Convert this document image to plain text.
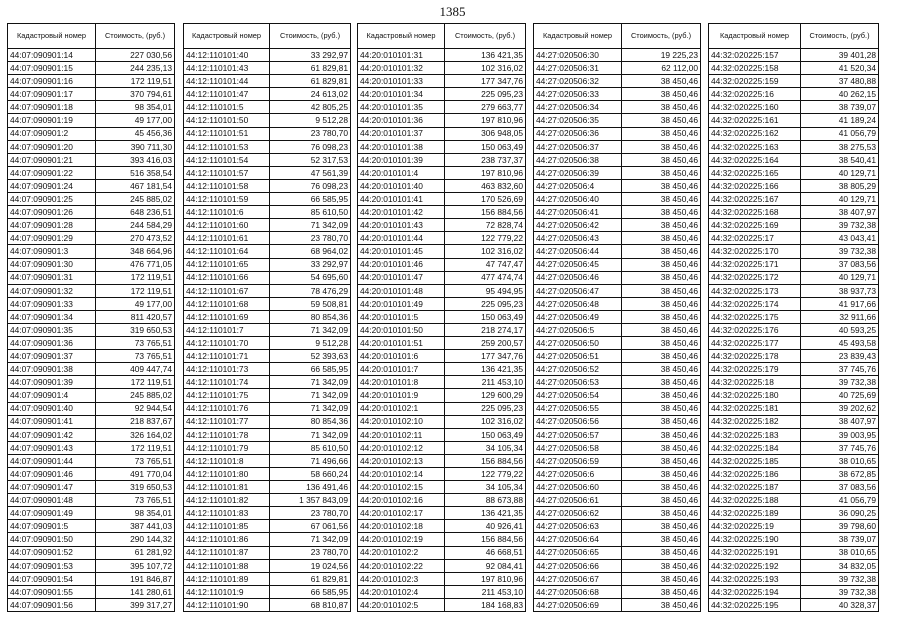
1385
Кадастровый номер	Стоимость, (руб.)
44:07:090901:14	227 030,56
44:07:090901:15	244 235,13
44:07:090901:16	172 119,51
44:07:090901:17	370 794,61
44:07:090901:18	98 354,01
44:07:090901:19	49 177,00
44:07:090901:2	45 456,36
44:07:090901:20	390 711,30
44:07:090901:21	393 416,03
44:07:090901:22	516 358,54
44:07:090901:24	467 181,54
44:07:090901:25	245 885,02
44:07:090901:26	648 236,51
44:07:090901:28	244 584,29
44:07:090901:29	270 473,52
44:07:090901:3	348 664,96
44:07:090901:30	476 771,05
44:07:090901:31	172 119,51
44:07:090901:32	172 119,51
44:07:090901:33	49 177,00
44:07:090901:34	811 420,57
44:07:090901:35	319 650,53
44:07:090901:36	73 765,51
44:07:090901:37	73 765,51
44:07:090901:38	409 447,74
44:07:090901:39	172 119,51
44:07:090901:4	245 885,02
44:07:090901:40	92 944,54
44:07:090901:41	218 837,67
44:07:090901:42	326 164,02
44:07:090901:43	172 119,51
44:07:090901:44	73 765,51
44:07:090901:46	491 770,04
44:07:090901:47	319 650,53
44:07:090901:48	73 765,51
44:07:090901:49	98 354,01
44:07:090901:5	387 441,03
44:07:090901:50	290 144,32
44:07:090901:52	61 281,92
44:07:090901:53	395 107,72
44:07:090901:54	191 846,87
44:07:090901:55	141 280,61
44:07:090901:56	399 317,27
Кадастровый номер	Стоимость, (руб.)
44:12:110101:40	33 292,97
44:12:110101:43	61 829,81
44:12:110101:44	61 829,81
44:12:110101:47	24 613,02
44:12:110101:5	42 805,25
44:12:110101:50	9 512,28
44:12:110101:51	23 780,70
44:12:110101:53	76 098,23
44:12:110101:54	52 317,53
44:12:110101:57	47 561,39
44:12:110101:58	76 098,23
44:12:110101:59	66 585,95
44:12:110101:6	85 610,50
44:12:110101:60	71 342,09
44:12:110101:61	23 780,70
44:12:110101:64	68 964,02
44:12:110101:65	33 292,97
44:12:110101:66	54 695,60
44:12:110101:67	78 476,29
44:12:110101:68	59 508,81
44:12:110101:69	80 854,36
44:12:110101:7	71 342,09
44:12:110101:70	9 512,28
44:12:110101:71	52 393,63
44:12:110101:73	66 585,95
44:12:110101:74	71 342,09
44:12:110101:75	71 342,09
44:12:110101:76	71 342,09
44:12:110101:77	80 854,36
44:12:110101:78	71 342,09
44:12:110101:79	85 610,50
44:12:110101:8	71 496,66
44:12:110101:80	58 660,24
44:12:110101:81	136 491,46
44:12:110101:82	1 357 843,09
44:12:110101:83	23 780,70
44:12:110101:85	67 061,56
44:12:110101:86	71 342,09
44:12:110101:87	23 780,70
44:12:110101:88	19 024,56
44:12:110101:89	61 829,81
44:12:110101:9	66 585,95
44:12:110101:90	68 810,87
Кадастровый номер	Стоимость, (руб.)
44:20:010101:31	136 421,35
44:20:010101:32	102 316,02
44:20:010101:33	177 347,76
44:20:010101:34	225 095,23
44:20:010101:35	279 663,77
44:20:010101:36	197 810,96
44:20:010101:37	306 948,05
44:20:010101:38	150 063,49
44:20:010101:39	238 737,37
44:20:010101:4	197 810,96
44:20:010101:40	463 832,60
44:20:010101:41	170 526,69
44:20:010101:42	156 884,56
44:20:010101:43	72 828,74
44:20:010101:44	122 779,22
44:20:010101:45	102 316,02
44:20:010101:46	47 747,47
44:20:010101:47	477 474,74
44:20:010101:48	95 494,95
44:20:010101:49	225 095,23
44:20:010101:5	150 063,49
44:20:010101:50	218 274,17
44:20:010101:51	259 200,57
44:20:010101:6	177 347,76
44:20:010101:7	136 421,35
44:20:010101:8	211 453,10
44:20:010101:9	129 600,29
44:20:010102:1	225 095,23
44:20:010102:10	102 316,02
44:20:010102:11	150 063,49
44:20:010102:12	34 105,34
44:20:010102:13	156 884,56
44:20:010102:14	122 779,22
44:20:010102:15	34 105,34
44:20:010102:16	88 673,88
44:20:010102:17	136 421,35
44:20:010102:18	40 926,41
44:20:010102:19	156 884,56
44:20:010102:2	46 668,51
44:20:010102:22	92 084,41
44:20:010102:3	197 810,96
44:20:010102:4	211 453,10
44:20:010102:5	184 168,83
Кадастровый номер	Стоимость, (руб.)
44:27:020506:30	19 225,23
44:27:020506:31	62 112,00
44:27:020506:32	38 450,46
44:27:020506:33	38 450,46
44:27:020506:34	38 450,46
44:27:020506:35	38 450,46
44:27:020506:36	38 450,46
44:27:020506:37	38 450,46
44:27:020506:38	38 450,46
44:27:020506:39	38 450,46
44:27:020506:4	38 450,46
44:27:020506:40	38 450,46
44:27:020506:41	38 450,46
44:27:020506:42	38 450,46
44:27:020506:43	38 450,46
44:27:020506:44	38 450,46
44:27:020506:45	38 450,46
44:27:020506:46	38 450,46
44:27:020506:47	38 450,46
44:27:020506:48	38 450,46
44:27:020506:49	38 450,46
44:27:020506:5	38 450,46
44:27:020506:50	38 450,46
44:27:020506:51	38 450,46
44:27:020506:52	38 450,46
44:27:020506:53	38 450,46
44:27:020506:54	38 450,46
44:27:020506:55	38 450,46
44:27:020506:56	38 450,46
44:27:020506:57	38 450,46
44:27:020506:58	38 450,46
44:27:020506:59	38 450,46
44:27:020506:6	38 450,46
44:27:020506:60	38 450,46
44:27:020506:61	38 450,46
44:27:020506:62	38 450,46
44:27:020506:63	38 450,46
44:27:020506:64	38 450,46
44:27:020506:65	38 450,46
44:27:020506:66	38 450,46
44:27:020506:67	38 450,46
44:27:020506:68	38 450,46
44:27:020506:69	38 450,46
Кадастровый номер	Стоимость, (руб.)
44:32:020225:157	39 401,28
44:32:020225:158	41 520,34
44:32:020225:159	37 480,88
44:32:020225:16	40 262,15
44:32:020225:160	38 739,07
44:32:020225:161	41 189,24
44:32:020225:162	41 056,79
44:32:020225:163	38 275,53
44:32:020225:164	38 540,41
44:32:020225:165	40 129,71
44:32:020225:166	38 805,29
44:32:020225:167	40 129,71
44:32:020225:168	38 407,97
44:32:020225:169	39 732,38
44:32:020225:17	43 043,41
44:32:020225:170	39 732,38
44:32:020225:171	37 083,56
44:32:020225:172	40 129,71
44:32:020225:173	38 937,73
44:32:020225:174	41 917,66
44:32:020225:175	32 911,66
44:32:020225:176	40 593,25
44:32:020225:177	45 493,58
44:32:020225:178	23 839,43
44:32:020225:179	37 745,76
44:32:020225:18	39 732,38
44:32:020225:180	40 725,69
44:32:020225:181	39 202,62
44:32:020225:182	38 407,97
44:32:020225:183	39 003,95
44:32:020225:184	37 745,76
44:32:020225:185	38 010,65
44:32:020225:186	38 672,85
44:32:020225:187	37 083,56
44:32:020225:188	41 056,79
44:32:020225:189	36 090,25
44:32:020225:19	39 798,60
44:32:020225:190	38 739,07
44:32:020225:191	38 010,65
44:32:020225:192	34 832,05
44:32:020225:193	39 732,38
44:32:020225:194	39 732,38
44:32:020225:195	40 328,37
